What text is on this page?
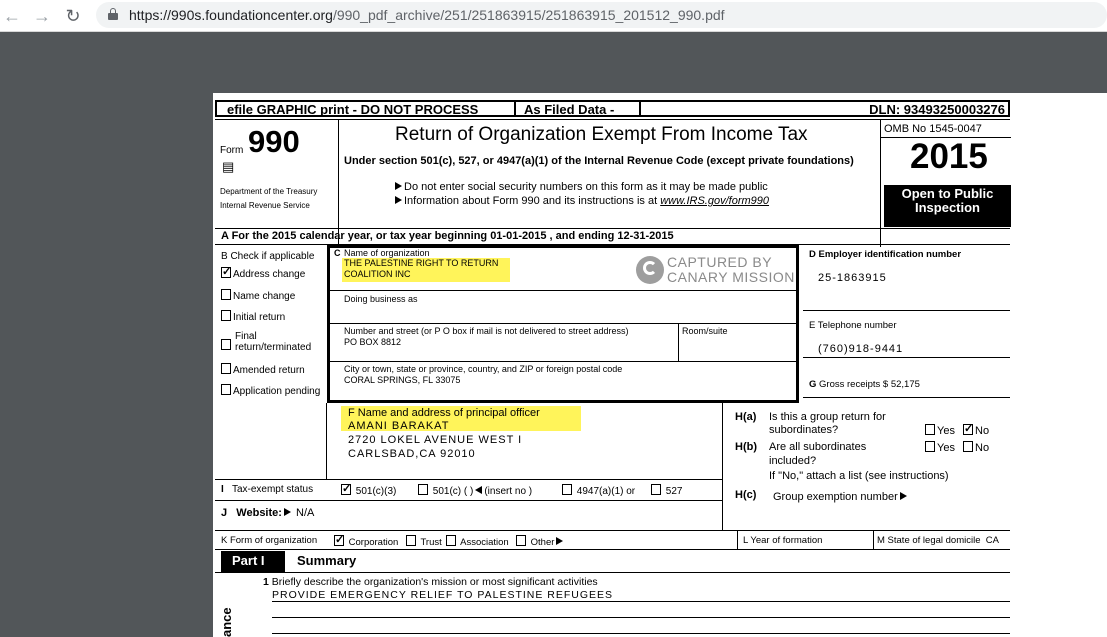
← → ↻	https://990s.foundationcenter.org/990_pdf_archive/251/251863915/251863915_201512_990.pdf
efile GRAPHIC print - DO NOT PROCESS	As Filed Data -	DLN: 93493250003276
Form 990
▤
Department of the Treasury
Internal Revenue Service
Return of Organization Exempt From Income Tax
Under section 501(c), 527, or 4947(a)(1) of the Internal Revenue Code (except private foundations)
Do not enter social security numbers on this form as it may be made public
Information about Form 990 and its instructions is at www.IRS.gov/form990
OMB No 1545-0047
2015
Open to Public Inspection
A For the 2015 calendar year, or tax year beginning 01-01-2015 , and ending 12-31-2015
B Check if applicable
✓Address change
Name change
Initial return
Final return/terminated
Amended return
Application pending
C Name of organization
THE PALESTINE RIGHT TO RETURN
COALITION INC
CAPTURED BY
CANARY MISSION
Doing business as
Number and street (or P O box if mail is not delivered to street address)
PO BOX 8812
Room/suite
City or town, state or province, country, and ZIP or foreign postal code
CORAL SPRINGS, FL 33075
D Employer identification number
25-1863915
E Telephone number
(760)918-9441
G Gross receipts $ 52,175
F Name and address of principal officer
AMANI BARAKAT
2720 LOKEL AVENUE WEST I
CARLSBAD,CA 92010
H(a) Is this a group return for
subordinates?	Yes ✓	No
H(b) Are all subordinates
included?
Yes	No
If "No," attach a list (see instructions)
H(c) Group exemption number
I Tax-exempt status ✓	501(c)(3)	501(c) ( ) (insert no )	4947(a)(1) or	527
J Website: N/A
K Form of organization ✓	Corporation	Trust	Association	Other	L Year of formation	M State of legal domicile CA
Part I	Summary
1 Briefly describe the organization's mission or most significant activities
PROVIDE EMERGENCY RELIEF TO PALESTINE REFUGEES
ance
